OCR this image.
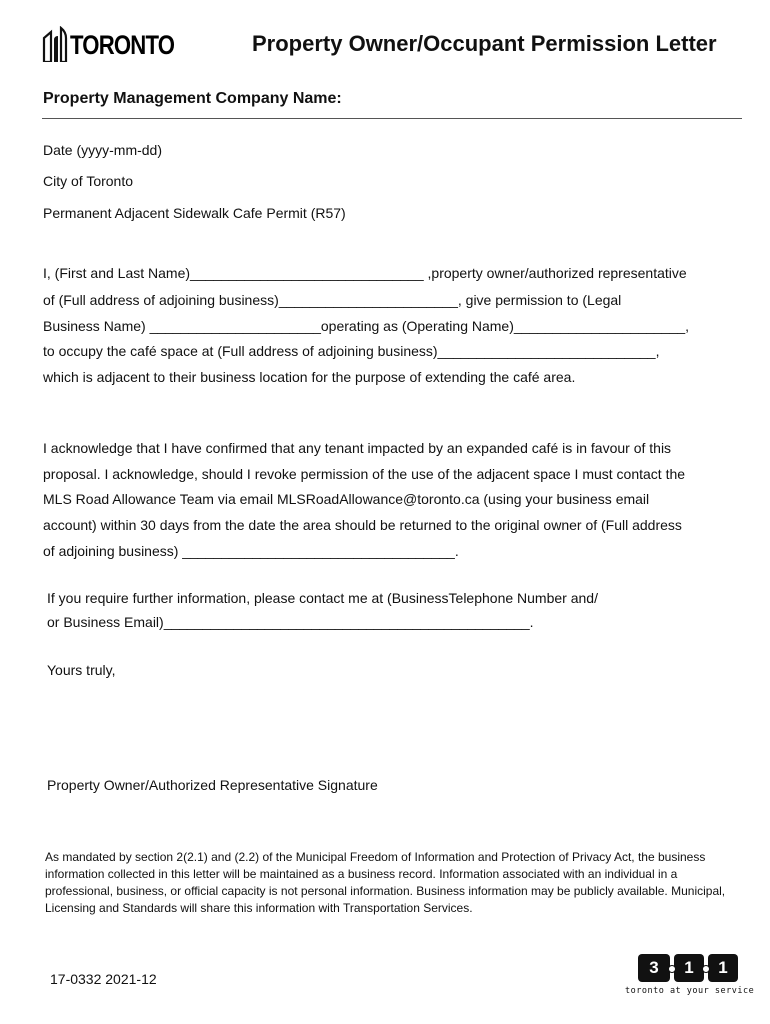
TORONTO	Property Owner/Occupant Permission Letter
Property Management Company Name:
Date (yyyy-mm-dd)
City of Toronto
Permanent Adjacent Sidewalk Cafe Permit (R57)
I, (First and Last Name)______________________________ ,property owner/authorized representative
of (Full address of adjoining business)_______________________, give permission to (Legal
Business Name) ______________________operating as (Operating Name)______________________,
to occupy the café space at (Full address of adjoining business)____________________________,
which is adjacent to their business location for the purpose of extending the café area.
I acknowledge that I have confirmed that any tenant impacted by an expanded café is in favour of this
proposal. I acknowledge, should I revoke permission of the use of the adjacent space I must contact the
MLS Road Allowance Team via email MLSRoadAllowance@toronto.ca (using your business email
account) within 30 days from the date the area should be returned to the original owner of (Full address
of adjoining business) ___________________________________.
If you require further information, please contact me at (BusinessTelephone Number and/
or Business Email)_______________________________________________.
Yours truly,
Property Owner/Authorized Representative Signature
As mandated by section 2(2.1) and (2.2) of the Municipal Freedom of Information and Protection of Privacy Act, the business information collected in this letter will be maintained as a business record. Information associated with an individual in a professional, business, or official capacity is not personal information. Business information may be publicly available. Municipal, Licensing and Standards will share this information with Transportation Services.
17-0332 2021-12
3	1	1
toronto at your service
